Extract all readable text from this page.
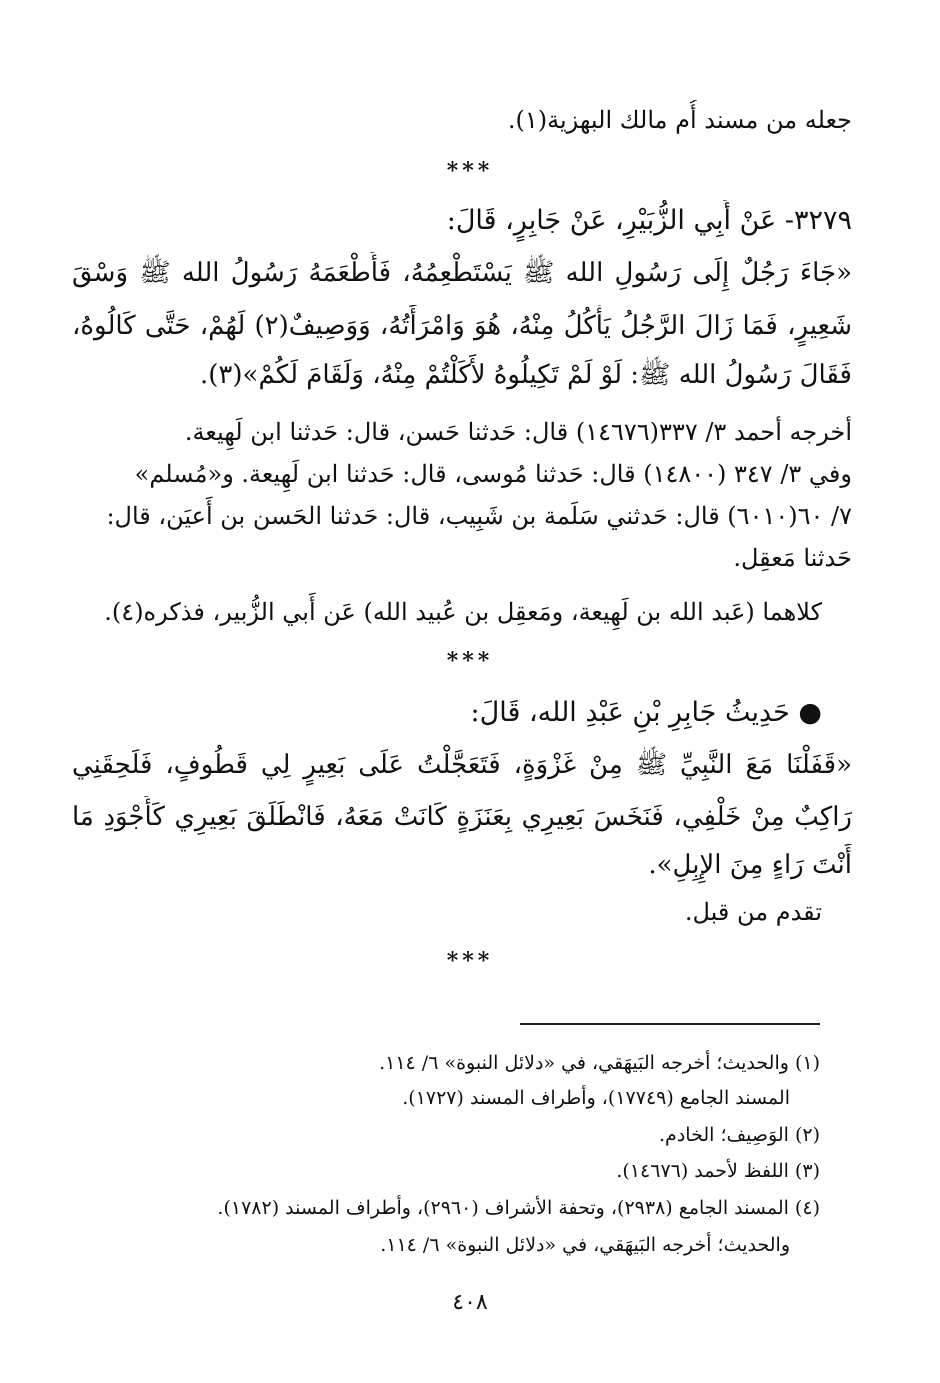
جعله من مسند أُم مالك البهزية(١).
***
٣٢٧٩- عَنْ أَبِي الزُّبَيْرِ، عَنْ جَابِرٍ، قَالَ:
«جَاءَ رَجُلٌ إِلَى رَسُولِ الله ﷺ يَسْتَطْعِمُهُ، فَأَطْعَمَهُ رَسُولُ الله ﷺ وَسْقَ
شَعِيرٍ، فَمَا زَالَ الرَّجُلُ يَأْكُلُ مِنْهُ، هُوَ وَامْرَأَتُهُ، وَوَصِيفٌ(٢) لَهُمْ، حَتَّى كَالُوهُ،
فَقَالَ رَسُولُ الله ﷺ: لَوْ لَمْ تَكِيلُوهُ لأَكَلْتُمْ مِنْهُ، وَلَقَامَ لَكُمْ»(٣).
أخرجه أحمد ٣/ ٣٣٧(١٤٦٧٦) قال: حَدثنا حَسن، قال: حَدثنا ابن لَهِيعة.
وفي ٣/ ٣٤٧ (١٤٨٠٠) قال: حَدثنا مُوسى، قال: حَدثنا ابن لَهِيعة. و«مُسلم»
٧/ ٦٠(٦٠١٠) قال: حَدثني سَلَمة بن شَبِيب، قال: حَدثنا الحَسن بن أَعيَن، قال:
حَدثنا مَعقِل.
كلاهما (عَبد الله بن لَهِيعة، ومَعقِل بن عُبيد الله) عَن أَبي الزُّبير، فذكره(٤).
***
● حَدِيثُ جَابِرِ بْنِ عَبْدِ الله، قَالَ:
«قَفَلْنَا مَعَ النَّبِيِّ ﷺ مِنْ غَزْوَةٍ، فَتَعَجَّلْتُ عَلَى بَعِيرٍ لِي قَطُوفٍ، فَلَحِقَنِي
رَاكِبٌ مِنْ خَلْفِي، فَنَخَسَ بَعِيرِي بِعَنَزَةٍ كَانَتْ مَعَهُ، فَانْطَلَقَ بَعِيرِي كَأَجْوَدِ مَا
أَنْتَ رَاءٍ مِنَ الإِبِلِ».
تقدم من قبل.
***
(١) والحديث؛ أخرجه البَيهَقي، في «دلائل النبوة» ٦/ ١١٤.
المسند الجامع (١٧٧٤٩)، وأطراف المسند (١٧٢٧).
(٢) الوَصِيف؛ الخادم.
(٣) اللفظ لأحمد (١٤٦٧٦).
(٤) المسند الجامع (٢٩٣٨)، وتحفة الأشراف (٢٩٦٠)، وأطراف المسند (١٧٨٢).
والحديث؛ أخرجه البَيهَقي، في «دلائل النبوة» ٦/ ١١٤.
٤٠٨
